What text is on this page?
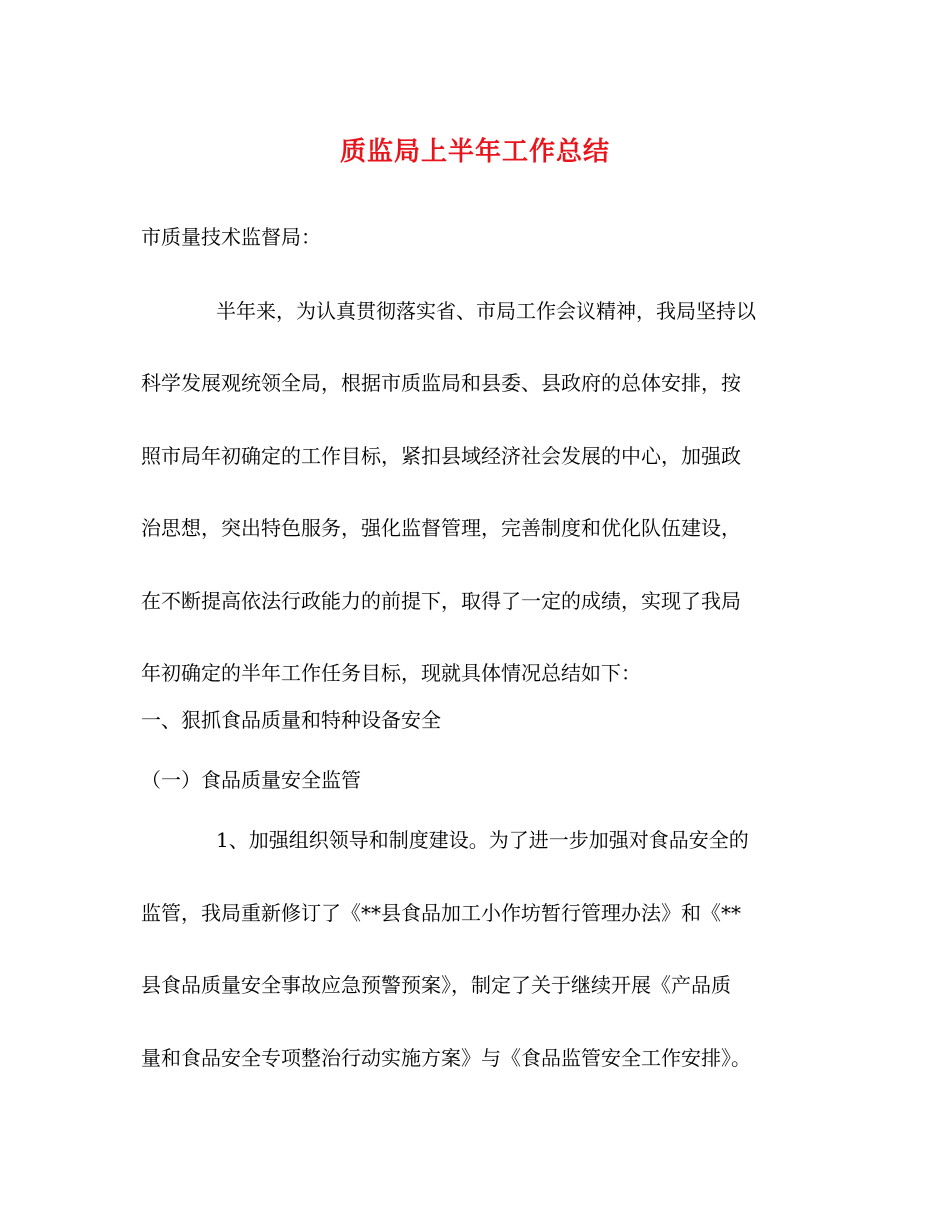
质监局上半年工作总结
市质量技术监督局：
半年来，为认真贯彻落实省、市局工作会议精神，我局坚持以
科学发展观统领全局，根据市质监局和县委、县政府的总体安排，按
照市局年初确定的工作目标，紧扣县域经济社会发展的中心，加强政
治思想，突出特色服务，强化监督管理，完善制度和优化队伍建设，
在不断提高依法行政能力的前提下，取得了一定的成绩，实现了我局
年初确定的半年工作任务目标，现就具体情况总结如下：
一、狠抓食品质量和特种设备安全
（一）食品质量安全监管
1、加强组织领导和制度建设。为了进一步加强对食品安全的
监管，我局重新修订了《**县食品加工小作坊暂行管理办法》和《**
县食品质量安全事故应急预警预案》，制定了关于继续开展《产品质
量和食品安全专项整治行动实施方案》与《食品监管安全工作安排》。
